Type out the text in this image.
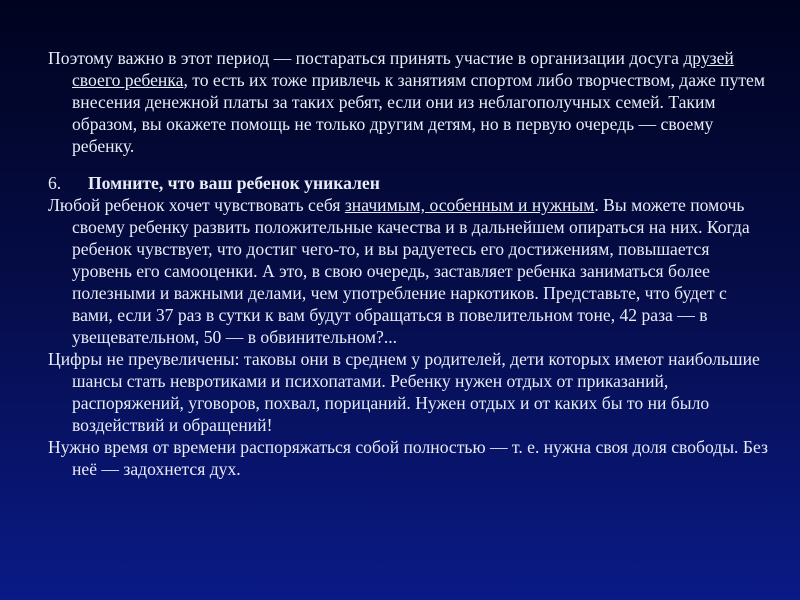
Поэтому важно в этот период — постараться принять участие в организации досуга друзей своего ребенка, то есть их тоже привлечь к занятиям спортом либо творчеством, даже путем внесения денежной платы за таких ребят, если они из неблагополучных семей. Таким образом, вы окажете помощь не только другим детям, но в первую очередь — своему ребенку.

6. Помните, что ваш ребенок уникален

Любой ребенок хочет чувствовать себя значимым, особенным и нужным. Вы можете помочь своему ребенку развить положительные качества и в дальнейшем опираться на них. Когда ребенок чувствует, что достиг чего-то, и вы радуетесь его достижениям, повышается уровень его самооценки. А это, в свою очередь, заставляет ребенка заниматься более полезными и важными делами, чем употребление наркотиков. Представьте, что будет с вами, если 37 раз в сутки к вам будут обращаться в повелительном тоне, 42 раза — в увещевательном, 50 — в обвинительном?...

Цифры не преувеличены: таковы они в среднем у родителей, дети которых имеют наибольшие шансы стать невротиками и психопатами. Ребенку нужен отдых от приказаний, распоряжений, уговоров, похвал, порицаний. Нужен отдых и от каких бы то ни было воздействий и обращений!

Нужно время от времени распоряжаться собой полностью — т. е. нужна своя доля свободы. Без неё — задохнется дух.
